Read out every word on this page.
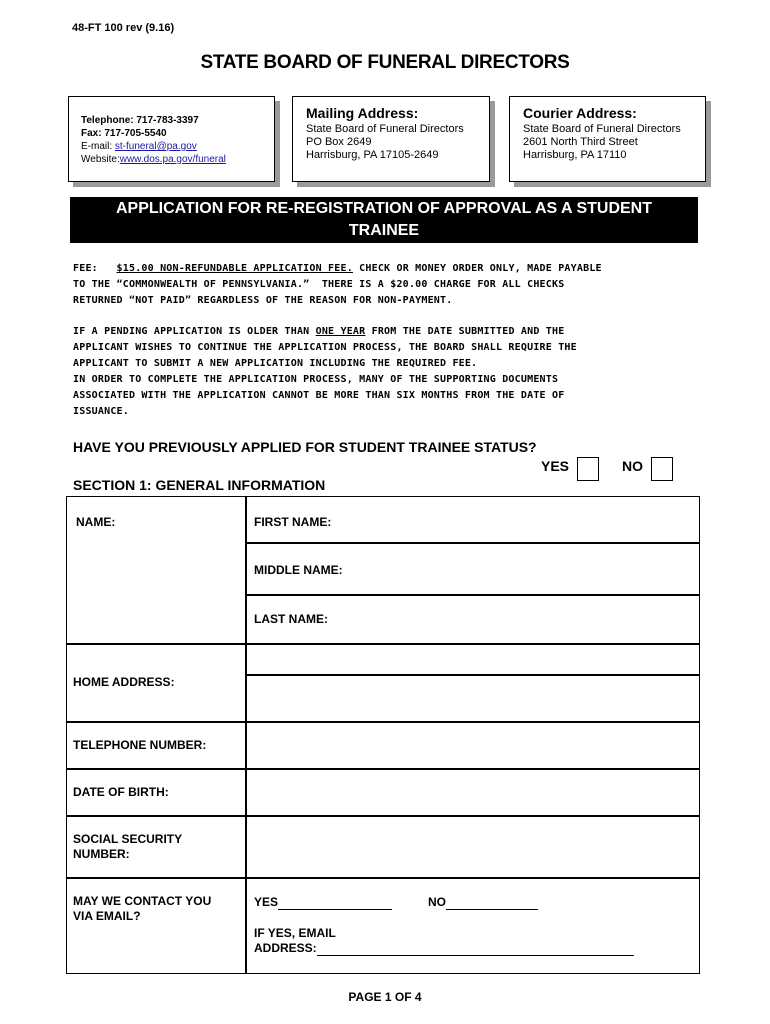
48-FT 100 rev (9.16)
STATE BOARD OF FUNERAL DIRECTORS
Telephone: 717-783-3397
Fax: 717-705-5540
E-mail: st-funeral@pa.gov
Website:www.dos.pa.gov/funeral
Mailing Address:
State Board of Funeral Directors
PO Box 2649
Harrisburg, PA 17105-2649
Courier Address:
State Board of Funeral Directors
2601 North Third Street
Harrisburg, PA 17110
APPLICATION FOR RE-REGISTRATION OF APPROVAL AS A STUDENT
TRAINEE
FEE:   $15.00 NON-REFUNDABLE APPLICATION FEE. CHECK OR MONEY ORDER ONLY, MADE PAYABLE
TO THE “COMMONWEALTH OF PENNSYLVANIA.”  THERE IS A $20.00 CHARGE FOR ALL CHECKS
RETURNED “NOT PAID” REGARDLESS OF THE REASON FOR NON-PAYMENT.
IF A PENDING APPLICATION IS OLDER THAN ONE YEAR FROM THE DATE SUBMITTED AND THE
APPLICANT WISHES TO CONTINUE THE APPLICATION PROCESS, THE BOARD SHALL REQUIRE THE
APPLICANT TO SUBMIT A NEW APPLICATION INCLUDING THE REQUIRED FEE.
IN ORDER TO COMPLETE THE APPLICATION PROCESS, MANY OF THE SUPPORTING DOCUMENTS
ASSOCIATED WITH THE APPLICATION CANNOT BE MORE THAN SIX MONTHS FROM THE DATE OF
ISSUANCE.
HAVE YOU PREVIOUSLY APPLIED FOR STUDENT TRAINEE STATUS?
YES	NO
SECTION 1: GENERAL INFORMATION
NAME:	FIRST NAME:
MIDDLE NAME:
LAST NAME:
HOME ADDRESS:
TELEPHONE NUMBER:
DATE OF BIRTH:
SOCIAL SECURITY
NUMBER:
MAY WE CONTACT YOU
VIA EMAIL?
YES	NO
IF YES, EMAIL
ADDRESS:
PAGE 1 OF 4
